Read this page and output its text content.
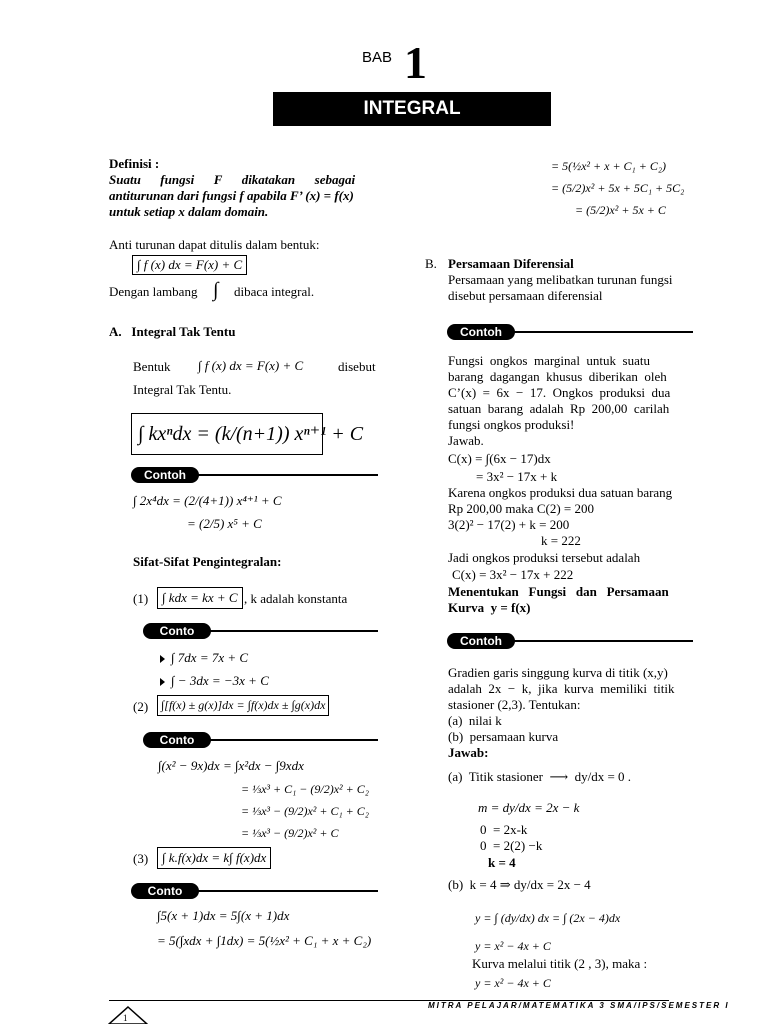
BAB 1
INTEGRAL
Definisi :
Suatu      fungsi      F      dikatakan      sebagai
antiturunan dari fungsi f apabila F’ (x) = f(x)
untuk setiap x dalam domain.
Anti turunan dapat ditulis dalam bentuk:
∫ f (x) dx = F(x) + C
Dengan lambang ∫ dibaca integral.
A.   Integral Tak Tentu
Bentuk ∫ f (x) dx = F(x) + C	disebut
Integral Tak Tentu.
∫ kxⁿdx = (k/(n+1)) xⁿ⁺¹ + C
Contoh
∫ 2x⁴dx = (2/(4+1)) x⁴⁺¹ + C
= (2/5) x⁵ + C
Sifat-Sifat Pengintegralan:
(1)	∫ kdx = kx + C , k adalah konstanta
Conto
∫ 7dx = 7x + C
∫ − 3dx = −3x + C
(2)	∫[f(x) ± g(x)]dx = ∫f(x)dx ± ∫g(x)dx
Conto
∫(x² − 9x)dx = ∫x²dx − ∫9xdx
= ⅓x³ + C₁ − (9/2)x² + C₂
= ⅓x³ − (9/2)x² + C₁ + C₂
= ⅓x³ − (9/2)x² + C
(3)	∫ k.f(x)dx = k∫ f(x)dx
Conto
∫5(x + 1)dx = 5∫(x + 1)dx
= 5(∫xdx + ∫1dx) = 5(½x² + C₁ + x + C₂)
= 5(½x² + x + C₁ + C₂)
= (5/2)x² + 5x + 5C₁ + 5C₂
= (5/2)x² + 5x + C
B. Persamaan Diferensial
Persamaan yang melibatkan turunan fungsi
disebut persamaan diferensial
Contoh
Fungsi  ongkos  marginal  untuk  suatu
barang  dagangan  khusus  diberikan  oleh
C’(x)  =  6x  −  17.  Ongkos  produksi  dua
satuan  barang  adalah  Rp  200,00  carilah
fungsi ongkos produksi!
Jawab.
C(x) = ∫(6x − 17)dx
= 3x² − 17x + k
Karena ongkos produksi dua satuan barang
Rp 200,00 maka C(2) = 200
3(2)² − 17(2) + k = 200
k = 222
Jadi ongkos produksi tersebut adalah
C(x) = 3x² − 17x + 222
Menentukan   Fungsi   dan   Persamaan
Kurva  y = f(x)
Contoh
Gradien garis singgung kurva di titik (x,y)
adalah  2x  −  k,  jika  kurva  memiliki  titik
stasioner (2,3). Tentukan:
(a)  nilai k
(b)  persamaan kurva
Jawab:
(a)  Titik stasioner  ⟶  dy/dx = 0 .
m = dy/dx = 2x − k
0  = 2x-k
0  = 2(2) −k
k = 4
(b)  k = 4 ⇒ dy/dx = 2x − 4
y = ∫ (dy/dx) dx = ∫ (2x − 4)dx
y = x² − 4x + C
Kurva melalui titik (2 , 3), maka :
y = x² − 4x + C
MITRA PELAJAR/MATEMATIKA 3 SMA/IPS/SEMESTER I
1
